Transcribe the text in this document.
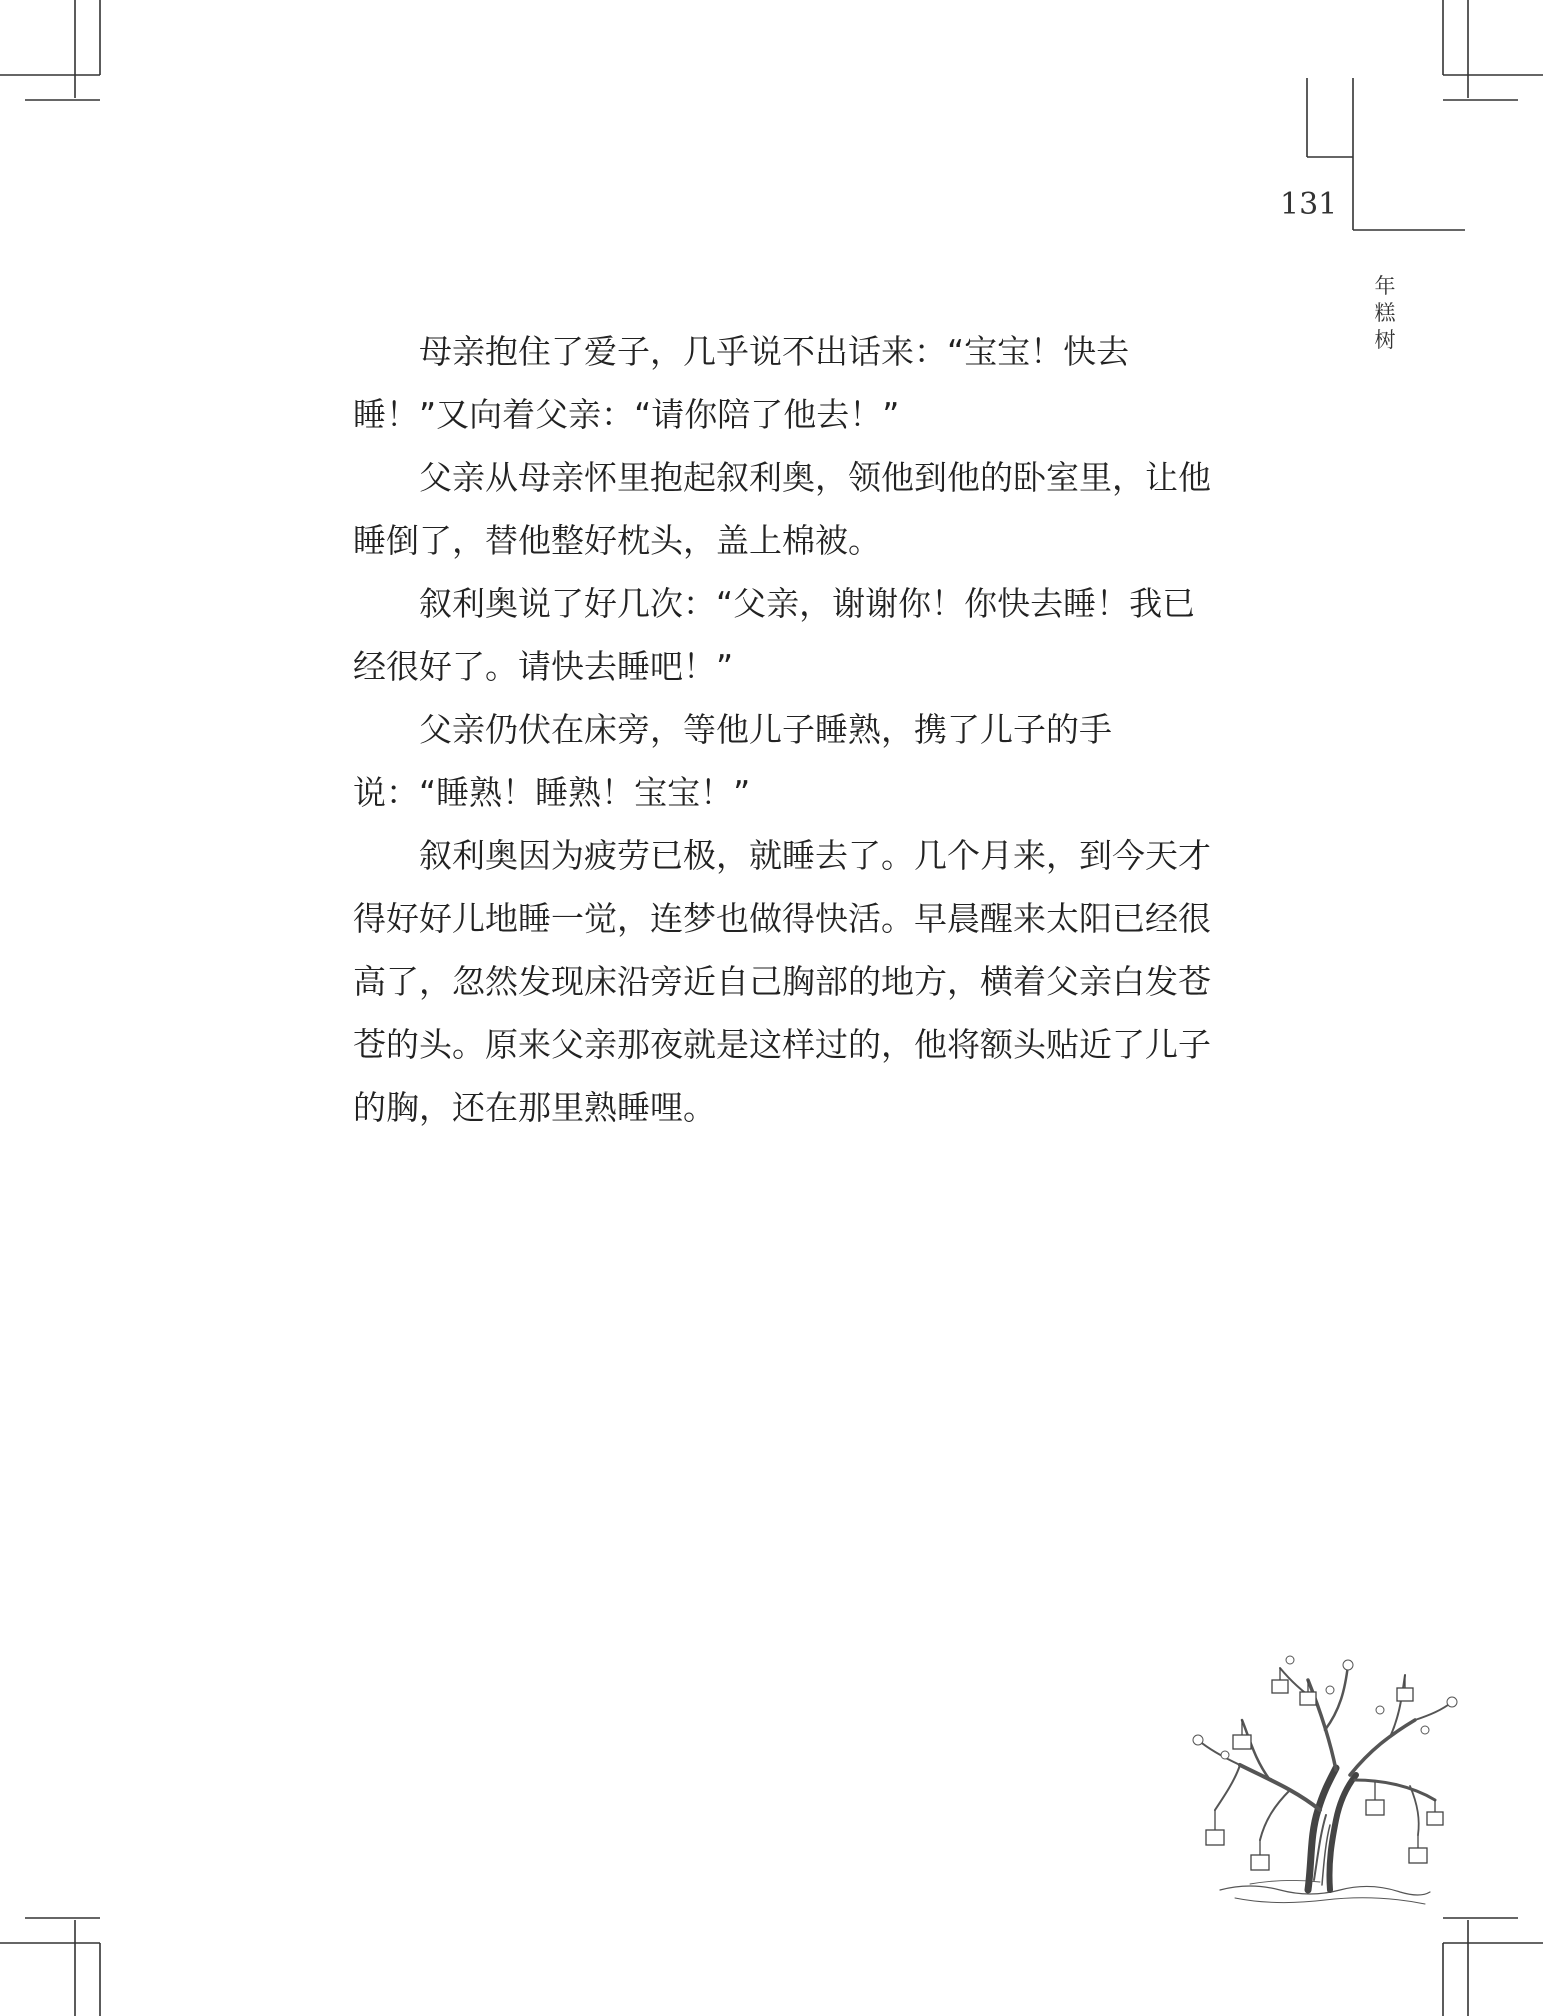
131
年
糕
树

母亲抱住了爱子，几乎说不出话来：“宝宝！快去睡！”又向着父亲：“请你陪了他去！”

父亲从母亲怀里抱起叙利奥，领他到他的卧室里，让他睡倒了，替他整好枕头，盖上棉被。

叙利奥说了好几次：“父亲，谢谢你！你快去睡！我已经很好了。请快去睡吧！”

父亲仍伏在床旁，等他儿子睡熟，携了儿子的手说：“睡熟！睡熟！宝宝！”

叙利奥因为疲劳已极，就睡去了。几个月来，到今天才得好好儿地睡一觉，连梦也做得快活。早晨醒来太阳已经很高了，忽然发现床沿旁近自己胸部的地方，横着父亲白发苍苍的头。原来父亲那夜就是这样过的，他将额头贴近了儿子的胸，还在那里熟睡哩。
